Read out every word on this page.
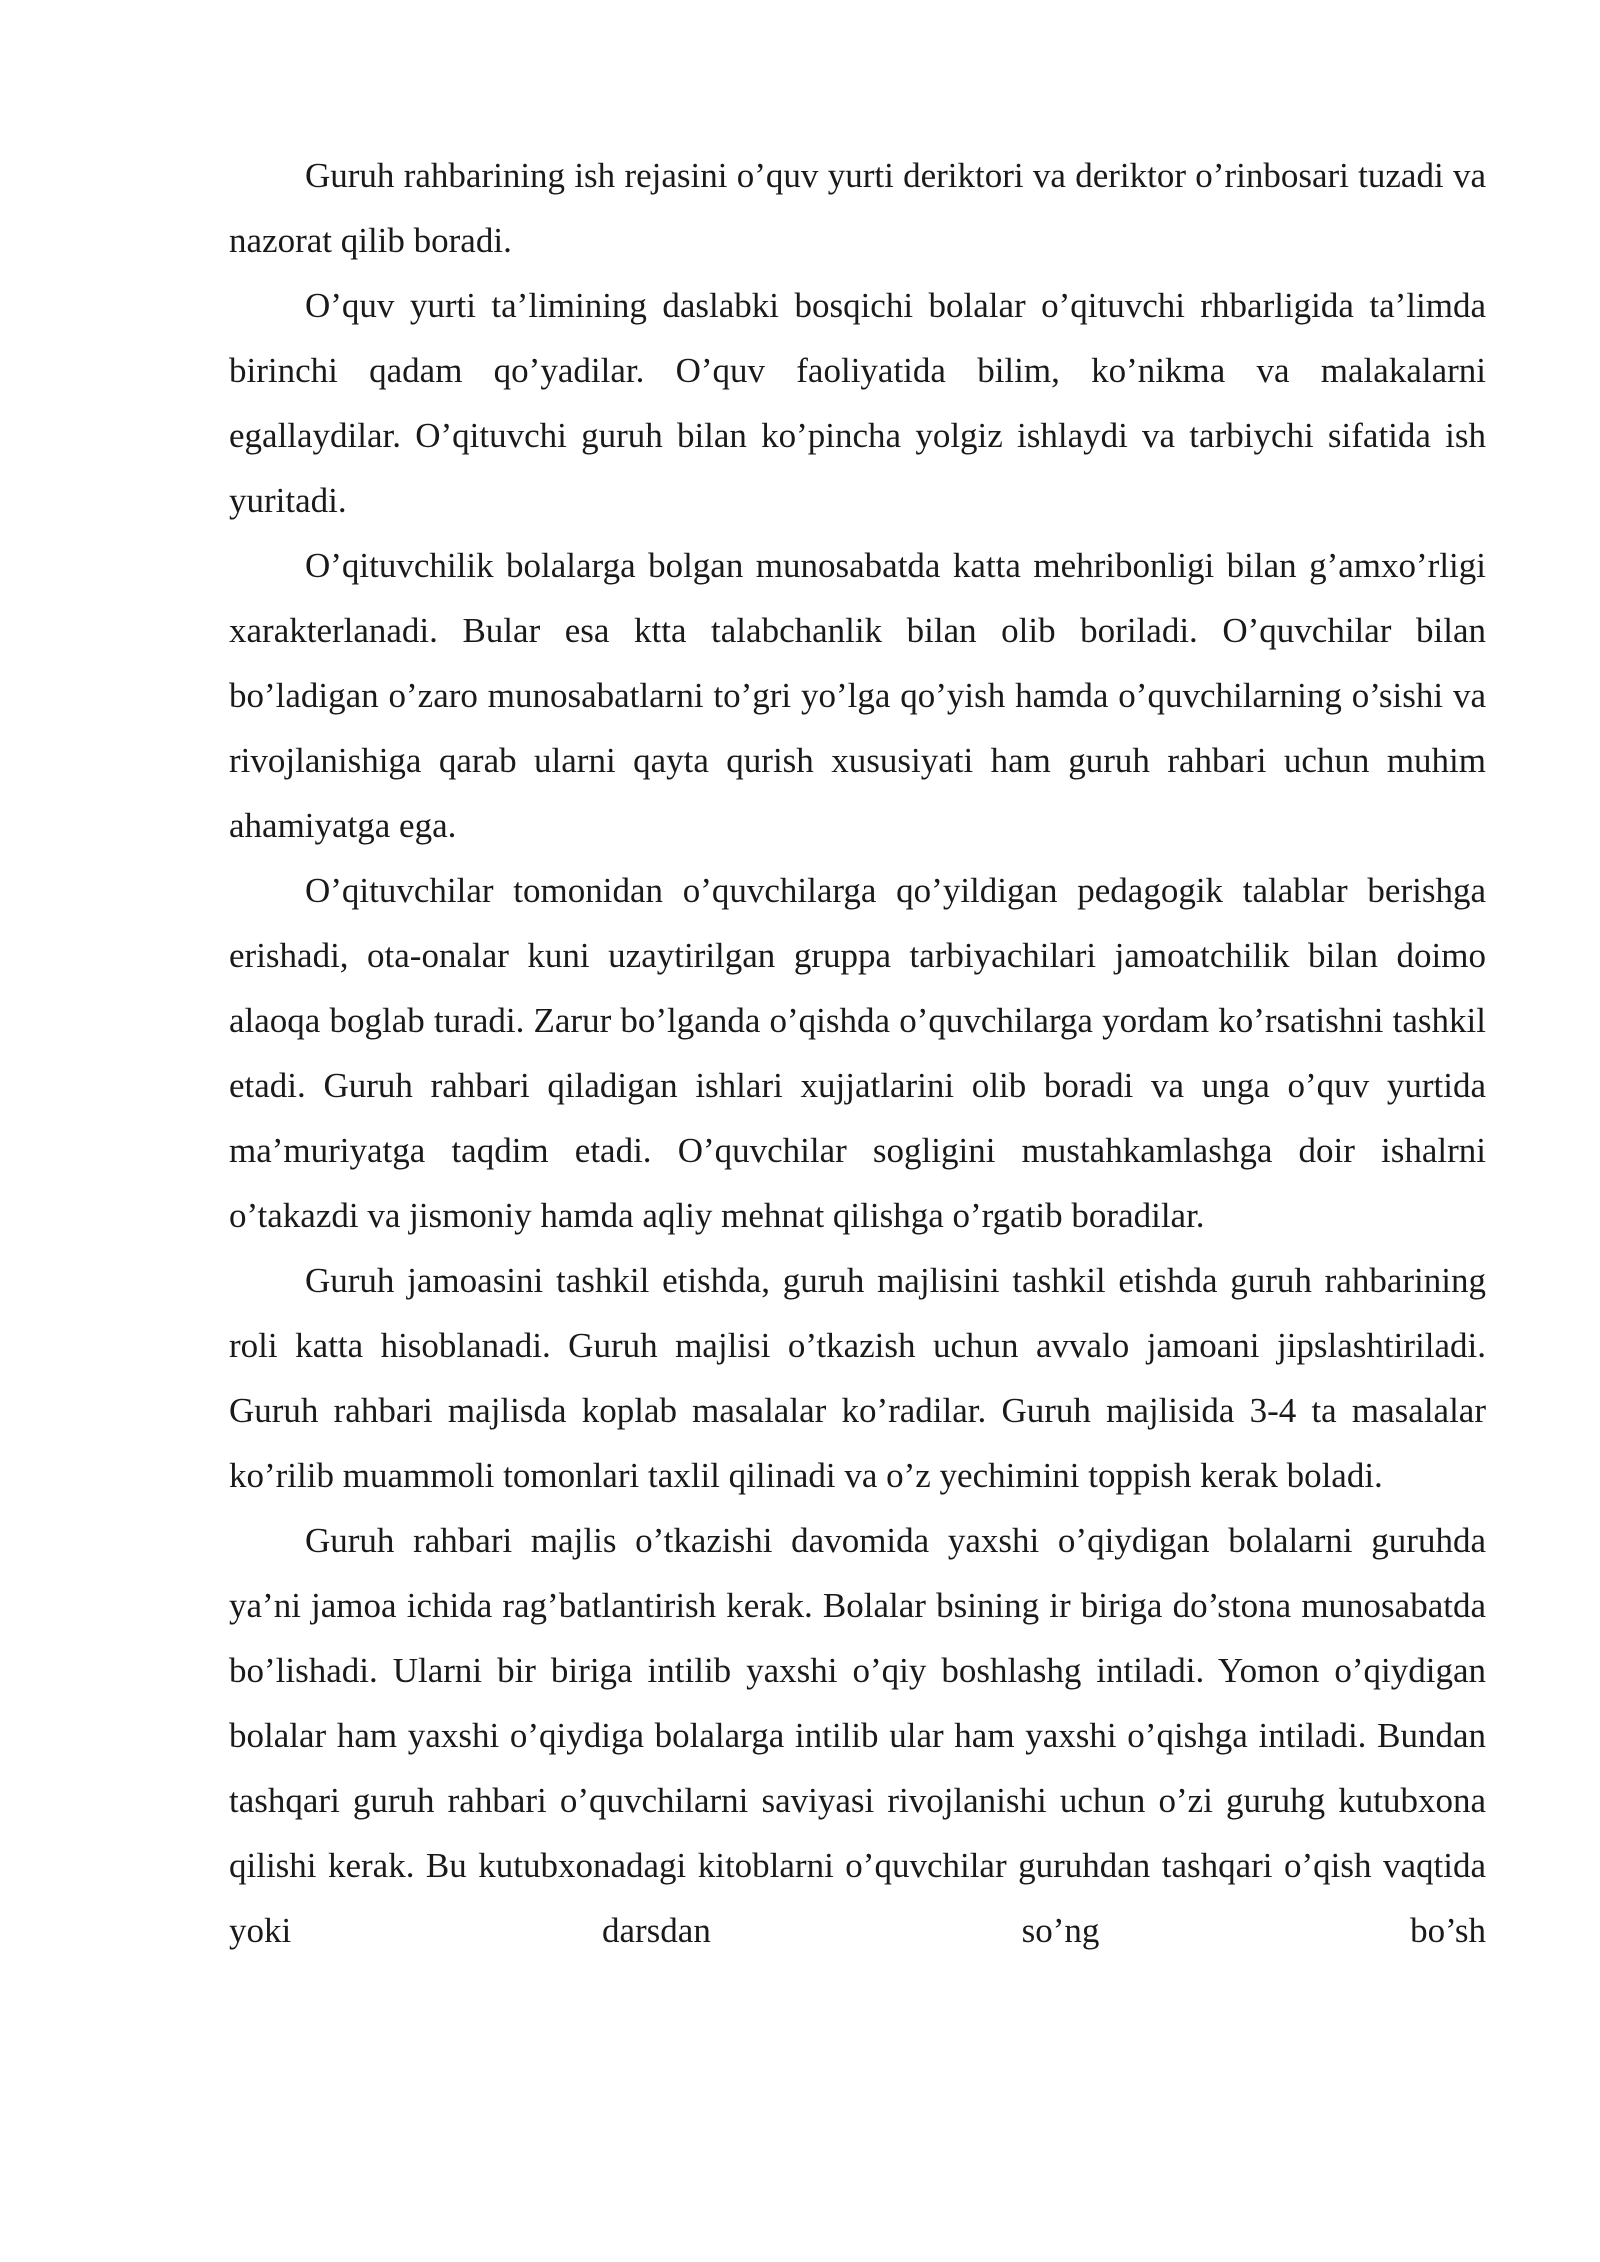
Guruh rahbarining ish rejasini o’quv yurti deriktori va deriktor o’rinbosari tuzadi va nazorat qilib boradi.

O’quv yurti ta’limining daslabki bosqichi bolalar o’qituvchi rhbarligida ta’limda birinchi qadam qo’yadilar. O’quv faoliyatida bilim, ko’nikma va malakalarni egallaydilar. O’qituvchi guruh bilan ko’pincha yolgiz ishlaydi va tarbiychi sifatida ish yuritadi.

O’qituvchilik bolalarga bolgan munosabatda katta mehribonligi bilan g’amxo’rligi xarakterlanadi. Bular esa ktta talabchanlik bilan olib boriladi. O’quvchilar bilan bo’ladigan o’zaro munosabatlarni to’gri yo’lga qo’yish hamda o’quvchilarning o’sishi va rivojlanishiga qarab ularni qayta qurish xususiyati ham guruh rahbari uchun muhim ahamiyatga ega.

O’qituvchilar tomonidan o’quvchilarga qo’yildigan pedagogik talablar berishga erishadi, ota-onalar kuni uzaytirilgan gruppa tarbiyachilari jamoatchilik bilan doimo alaoqa boglab turadi. Zarur bo’lganda o’qishda o’quvchilarga yordam ko’rsatishni tashkil etadi. Guruh rahbari qiladigan ishlari xujjatlarini olib boradi va unga o’quv yurtida ma’muriyatga taqdim etadi. O’quvchilar sogligini mustahkamlashga doir ishalrni o’takazdi va jismoniy hamda aqliy mehnat qilishga o’rgatib boradilar.

Guruh jamoasini tashkil etishda, guruh majlisini tashkil etishda guruh rahbarining roli katta hisoblanadi. Guruh majlisi o’tkazish uchun avvalo jamoani jipslashtiriladi. Guruh rahbari majlisda koplab masalalar ko’radilar. Guruh majlisida 3-4 ta masalalar ko’rilib muammoli tomonlari taxlil qilinadi va o’z yechimini toppish kerak boladi.

Guruh rahbari majlis o’tkazishi davomida yaxshi o’qiydigan bolalarni guruhda ya’ni jamoa ichida rag’batlantirish kerak. Bolalar bsining ir biriga do’stona munosabatda bo’lishadi. Ularni bir biriga intilib yaxshi o’qiy boshlashg intiladi. Yomon o’qiydigan bolalar ham yaxshi o’qiydiga bolalarga intilib ular ham yaxshi o’qishga intiladi. Bundan tashqari guruh rahbari o’quvchilarni saviyasi rivojlanishi uchun o’zi guruhg kutubxona qilishi kerak. Bu kutubxonadagi kitoblarni o’quvchilar guruhdan tashqari o’qish vaqtida yoki darsdan so’ng bo’sh
